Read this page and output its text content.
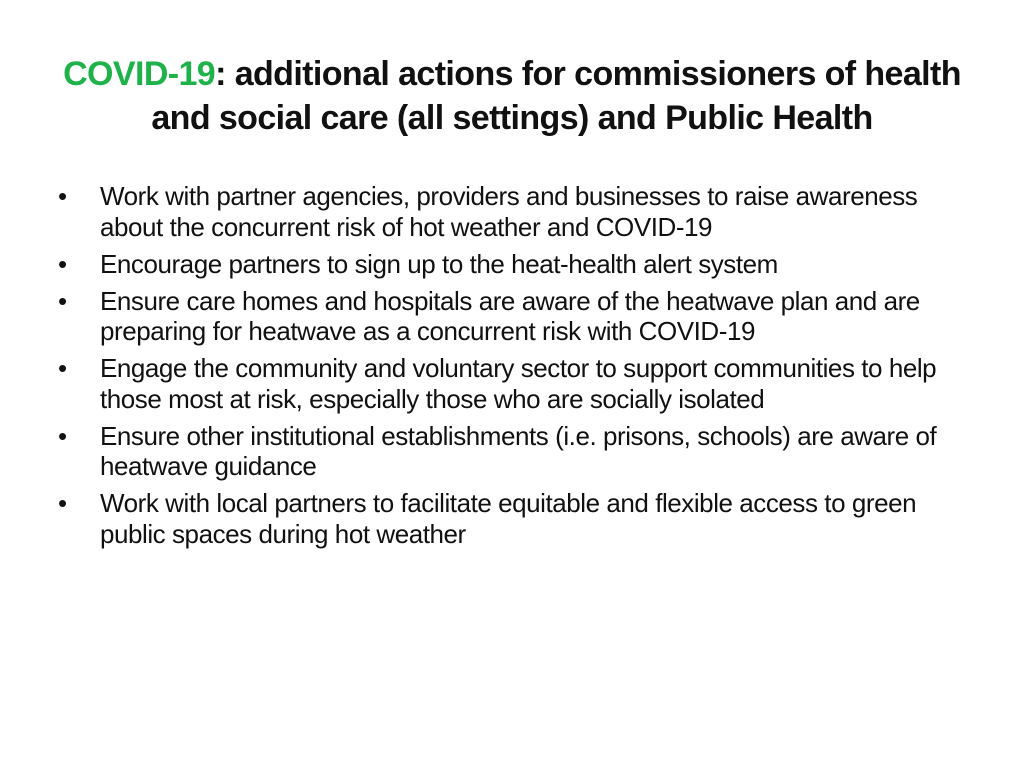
COVID-19: additional actions for commissioners of health and social care (all settings) and Public Health
• Work with partner agencies, providers and businesses to raise awareness about the concurrent risk of hot weather and COVID-19
• Encourage partners to sign up to the heat-health alert system
• Ensure care homes and hospitals are aware of the heatwave plan and are preparing for heatwave as a concurrent risk with COVID-19
• Engage the community and voluntary sector to support communities to help those most at risk, especially those who are socially isolated
• Ensure other institutional establishments (i.e. prisons, schools) are aware of heatwave guidance
• Work with local partners to facilitate equitable and flexible access to green public spaces during hot weather
